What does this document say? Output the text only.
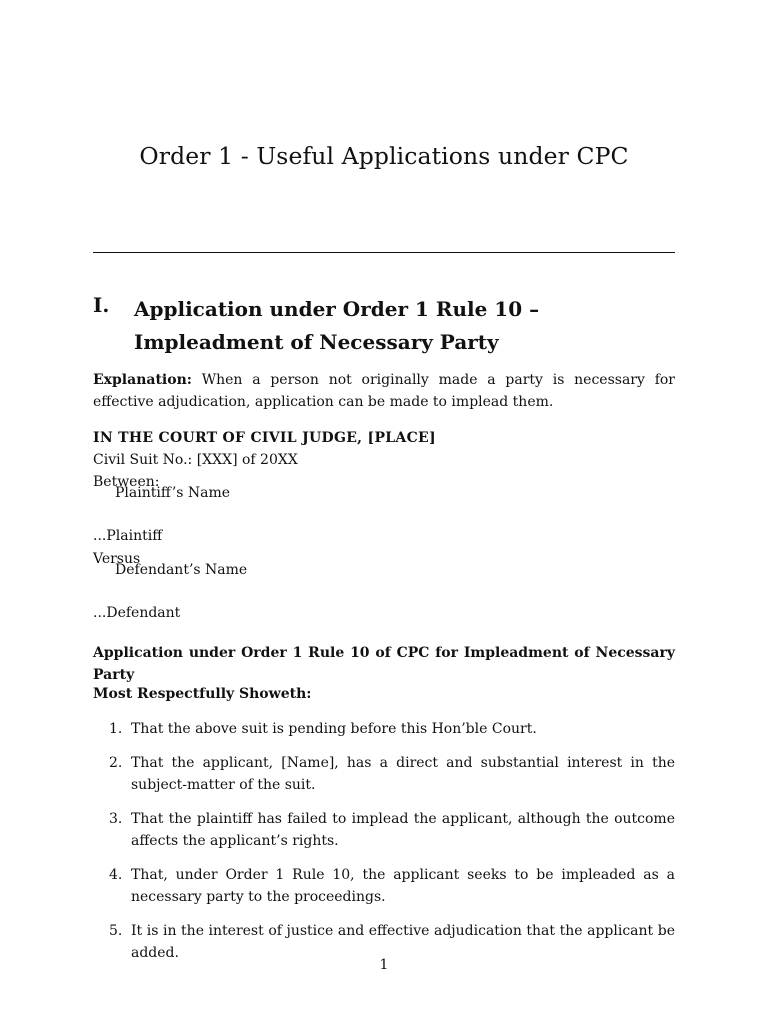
Order 1 - Useful Applications under CPC
I. Application under Order 1 Rule 10 – Impleadment of Necessary Party

Explanation: When a person not originally made a party is necessary for effective adjudication, application can be made to implead them.

IN THE COURT OF CIVIL JUDGE, [PLACE]
Civil Suit No.: [XXX] of 20XX
Between:
Plaintiff’s Name
...Plaintiff
Versus
Defendant’s Name
...Defendant

Application under Order 1 Rule 10 of CPC for Impleadment of Necessary Party

Most Respectfully Showeth:
1. That the above suit is pending before this Hon’ble Court.
2. That the applicant, [Name], has a direct and substantial interest in the subject-matter of the suit.
3. That the plaintiff has failed to implead the applicant, although the outcome affects the applicant’s rights.
4. That, under Order 1 Rule 10, the applicant seeks to be impleaded as a necessary party to the proceedings.
5. It is in the interest of justice and effective adjudication that the applicant be added.
1
